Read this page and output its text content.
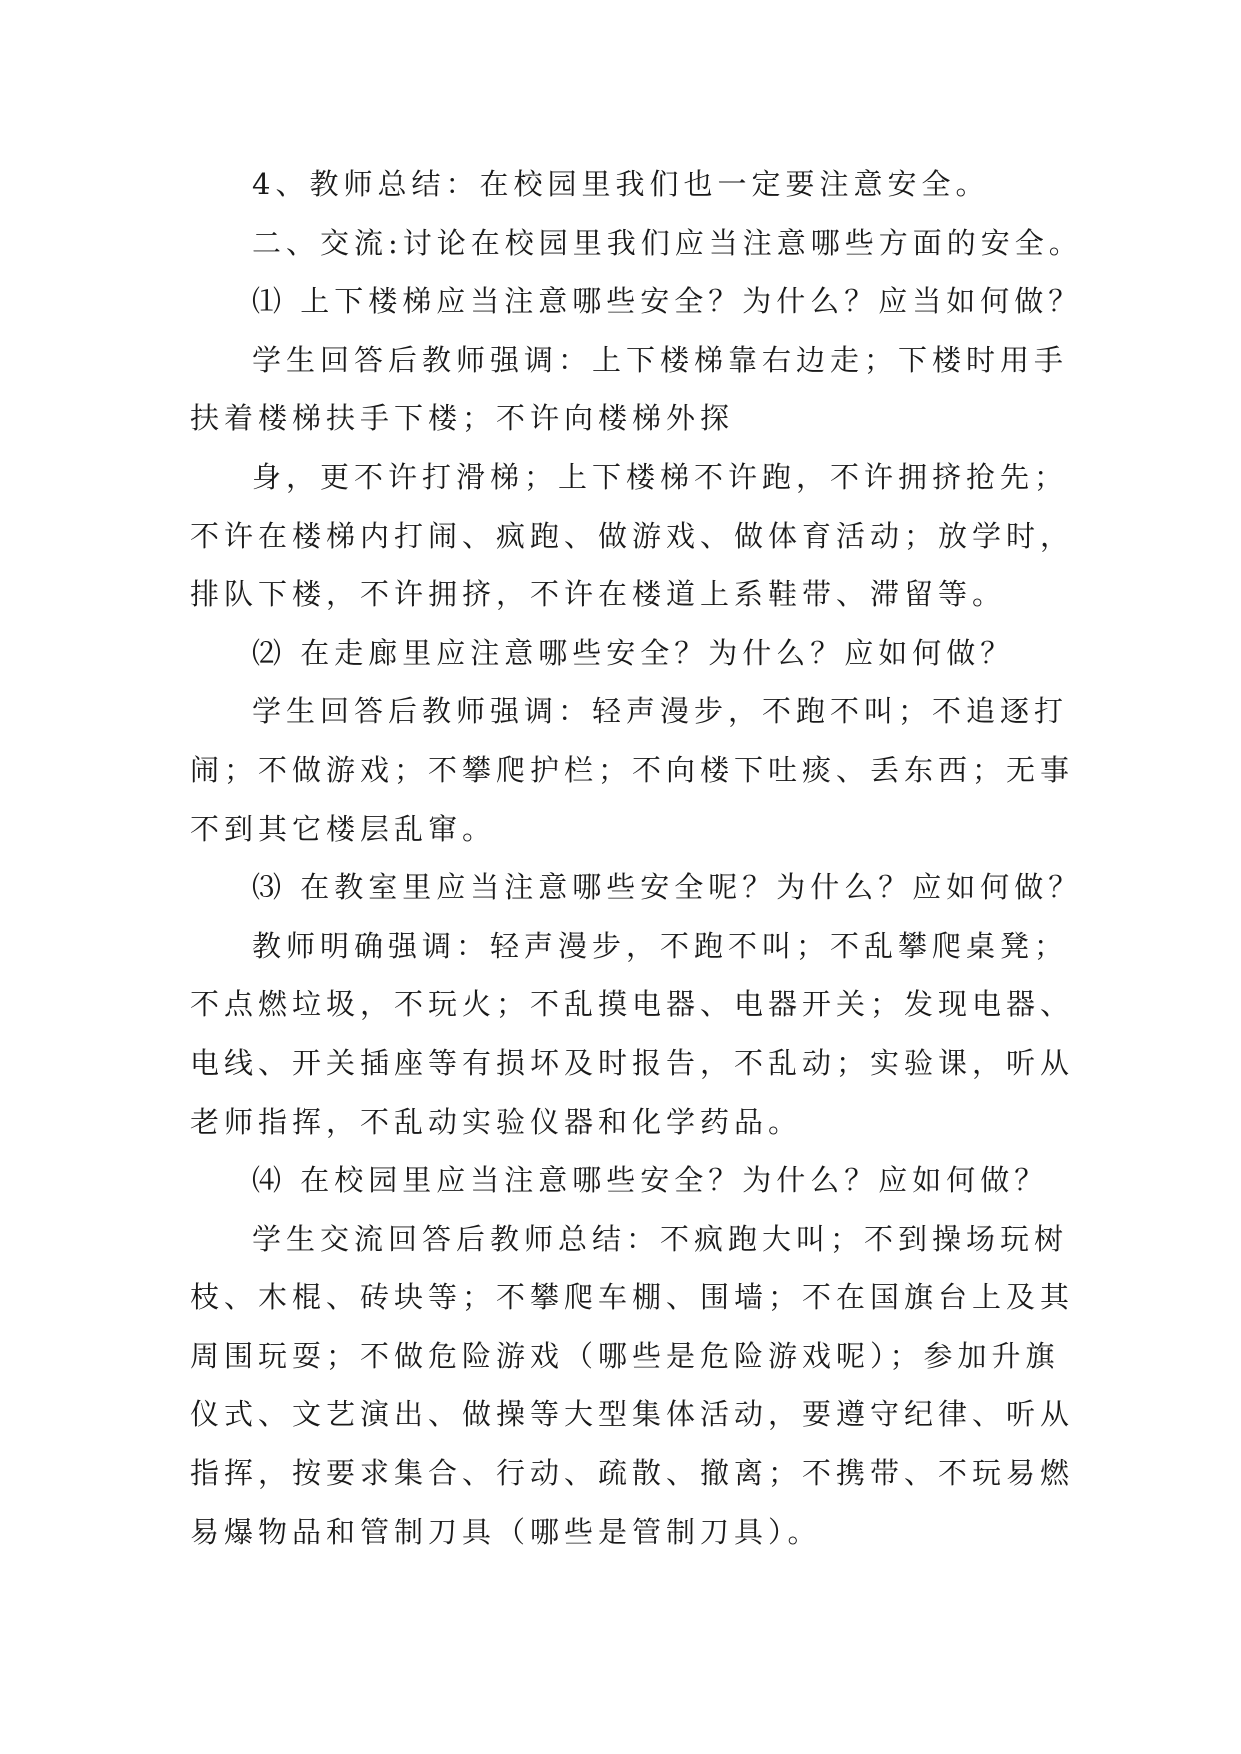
4、教师总结：在校园里我们也一定要注意安全。

二、交流:讨论在校园里我们应当注意哪些方面的安全。

⑴ 上下楼梯应当注意哪些安全？为什么？应当如何做？

学生回答后教师强调：上下楼梯靠右边走；下楼时用手

扶着楼梯扶手下楼；不许向楼梯外探

身，更不许打滑梯；上下楼梯不许跑，不许拥挤抢先；

不许在楼梯内打闹、疯跑、做游戏、做体育活动；放学时，

排队下楼，不许拥挤，不许在楼道上系鞋带、滞留等。

⑵ 在走廊里应注意哪些安全？为什么？应如何做？

学生回答后教师强调：轻声漫步，不跑不叫；不追逐打

闹；不做游戏；不攀爬护栏；不向楼下吐痰、丢东西；无事

不到其它楼层乱窜。

⑶ 在教室里应当注意哪些安全呢？为什么？应如何做？

教师明确强调：轻声漫步，不跑不叫；不乱攀爬桌凳；

不点燃垃圾，不玩火；不乱摸电器、电器开关；发现电器、

电线、开关插座等有损坏及时报告，不乱动；实验课，听从

老师指挥，不乱动实验仪器和化学药品。

⑷ 在校园里应当注意哪些安全？为什么？应如何做？

学生交流回答后教师总结：不疯跑大叫；不到操场玩树

枝、木棍、砖块等；不攀爬车棚、围墙；不在国旗台上及其

周围玩耍；不做危险游戏（哪些是危险游戏呢）；参加升旗

仪式、文艺演出、做操等大型集体活动，要遵守纪律、听从

指挥，按要求集合、行动、疏散、撤离；不携带、不玩易燃

易爆物品和管制刀具（哪些是管制刀具）。
